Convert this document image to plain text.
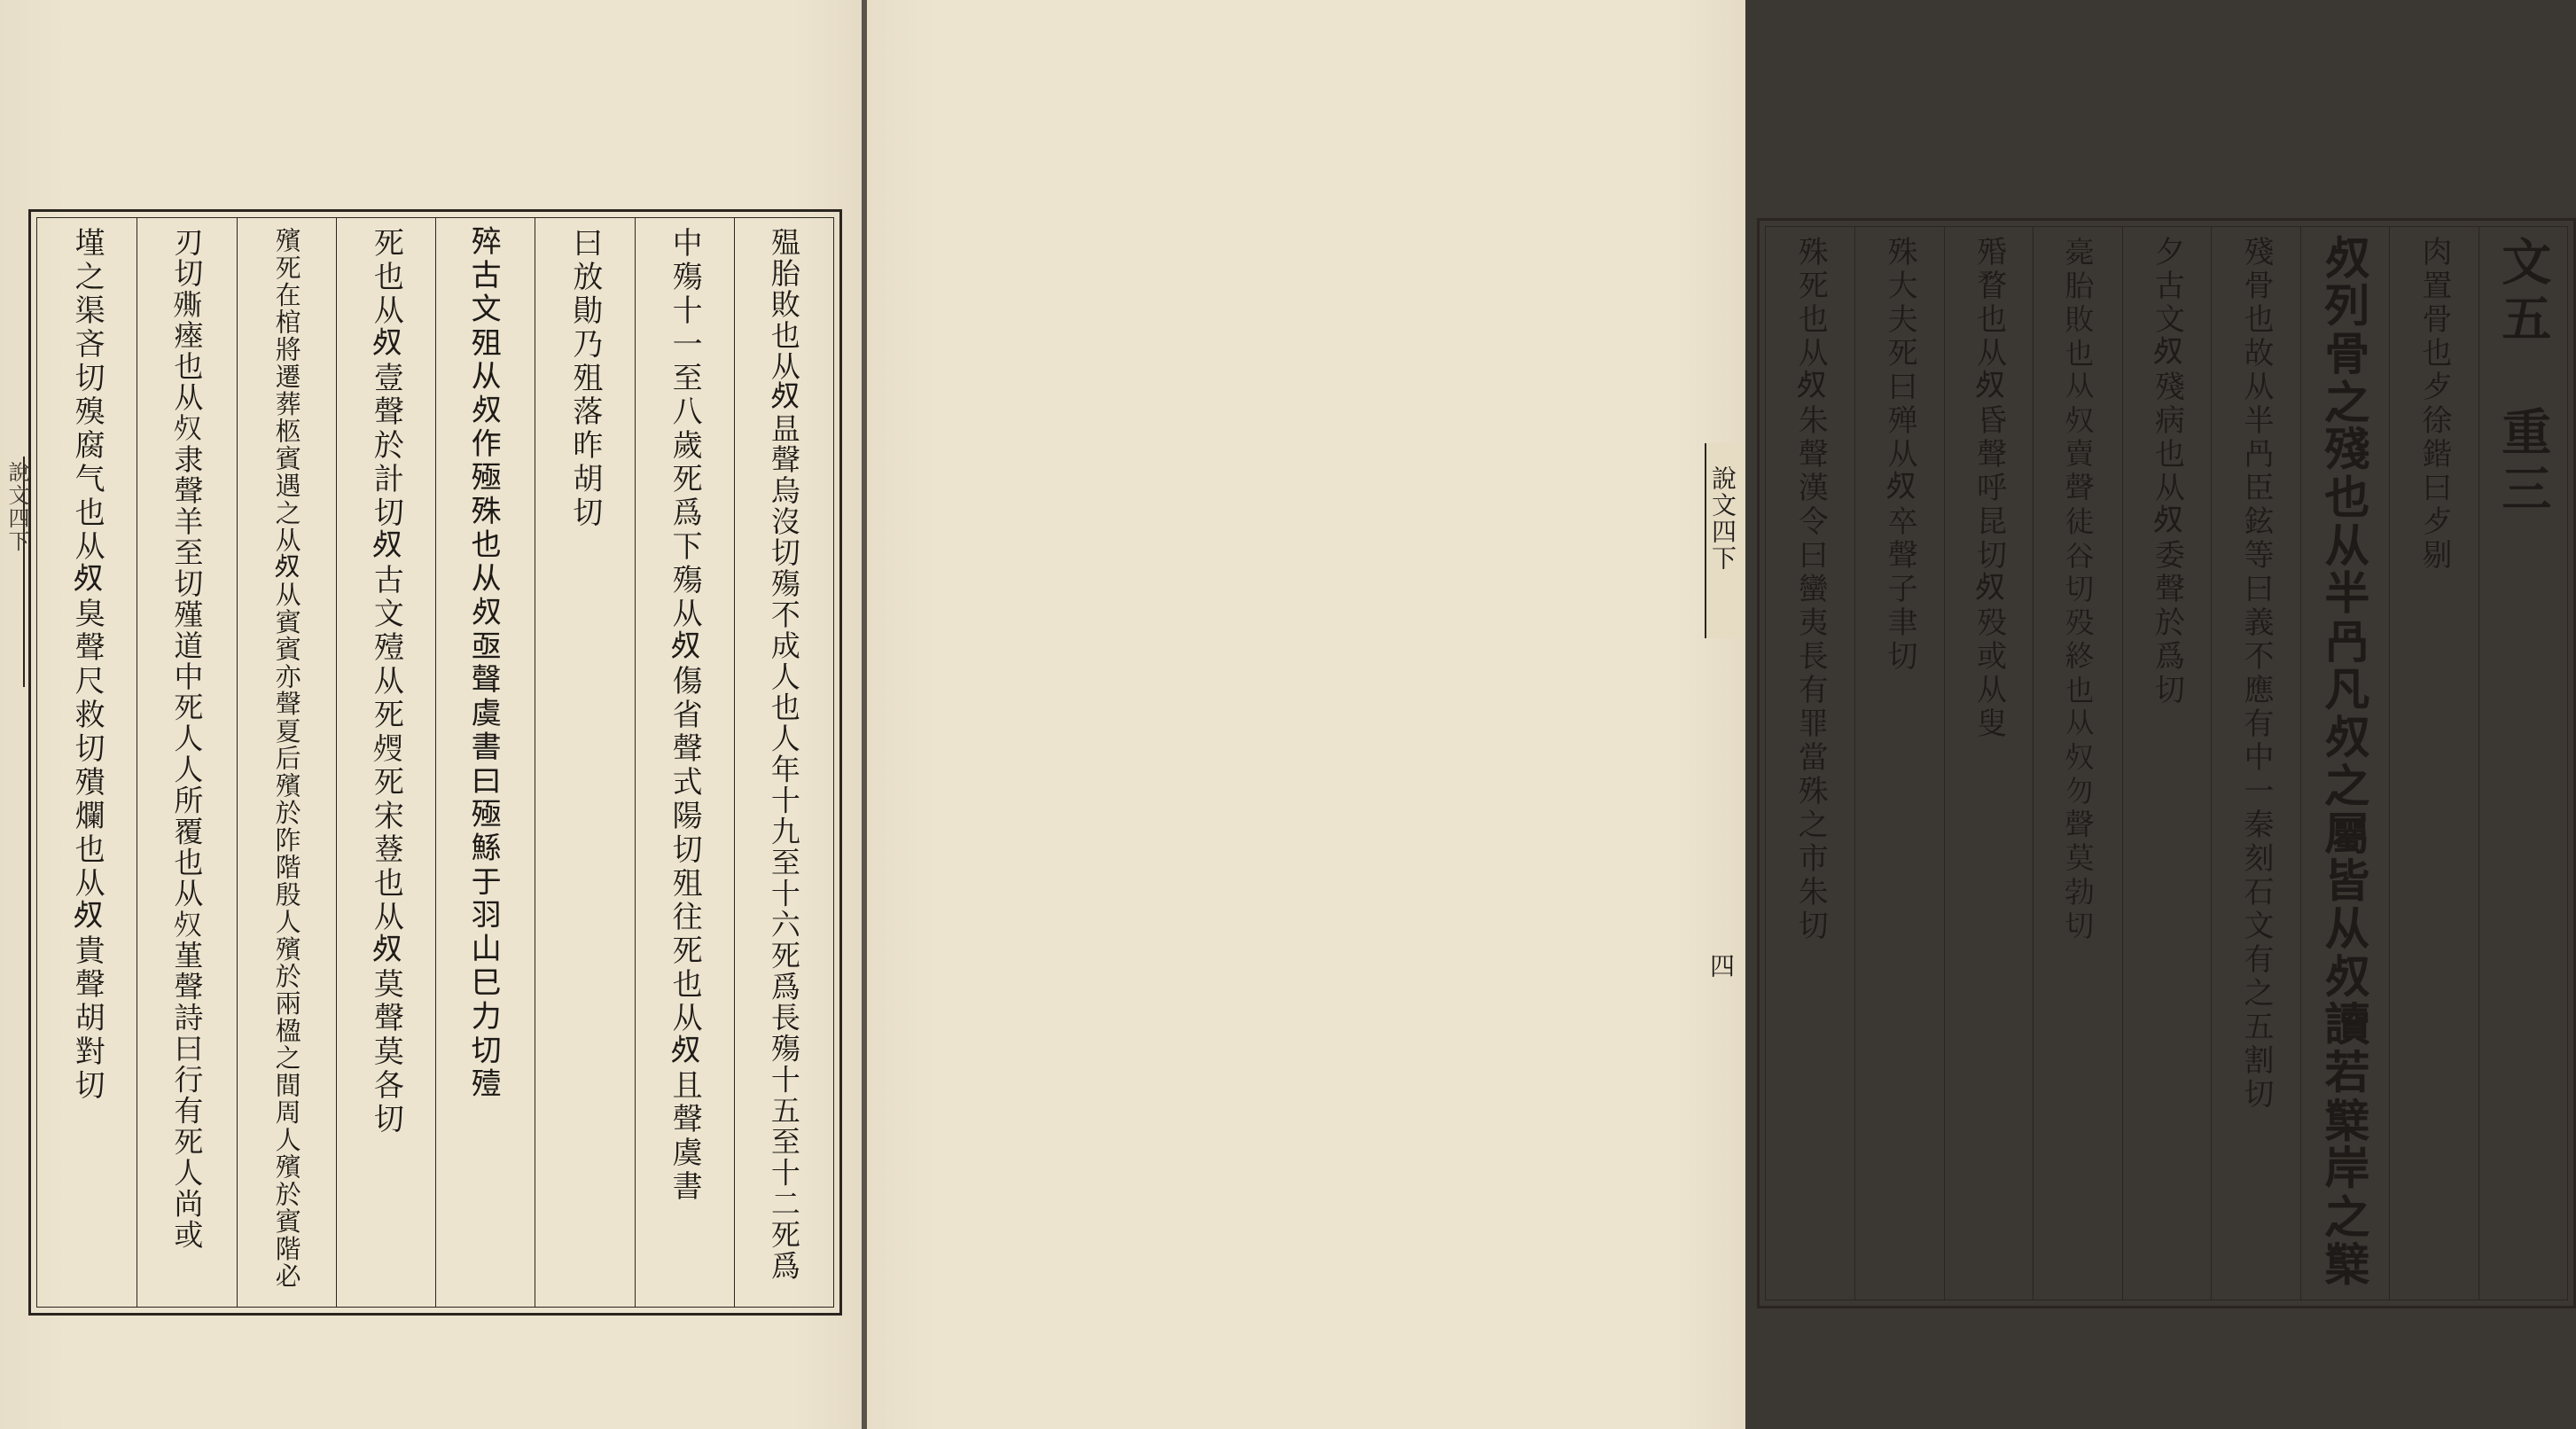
說文四下	殟胎敗也从𣦼昷聲烏沒切殤不成人也人年十九至十六死爲長殤十五至十二死爲
中殤十一至八歲死爲下殤从𣦼傷省聲式陽切殂往死也从𣦼且聲虞書
曰放勛乃殂落昨胡切
𣨛古文殂从𣦼作殛殊也从𣦼亟聲虞書曰殛鯀于羽山巳力切殪
死也从𣦼壹聲於計切𣦼古文殪从死𣨏死宋䔲也从𣦼莫聲莫各切
殯死在棺將遷葬柩賓遇之从𣦼从賓賓亦聲夏后殯於阼階殷人殯於兩楹之間周人殯於賓階必
刃切𣩠瘞也从𣦼隶聲羊至切殣道中死人人所覆也从𣦼堇聲詩曰行有死人尚或
墐之渠吝切殠腐气也从𣦼臭聲尺救切殨爛也从𣦼貴聲胡對切	文五　重三
肉置骨也歺徐鍇曰歺剔
𣦼列骨之殘也从半冎凡𣦼之屬皆从𣦼讀若櫱岸之櫱
殘骨也故从半冎臣鉉等曰義不應有中一秦刻石文有之五割切
夕古文𣦼殘病也从𣦼委聲於爲切
𣨻胎敗也从𣦼賣聲徒谷切殁終也从𣦼勿聲莫勃切
殙瞀也从𣦼昏聲呼昆切𣦼殁或从叟
殊大夫死曰殚从𣦼卒聲子聿切
殊死也从𣦼朱聲漢令曰蠻夷長有罪當殊之市朱切
說文四下
四
